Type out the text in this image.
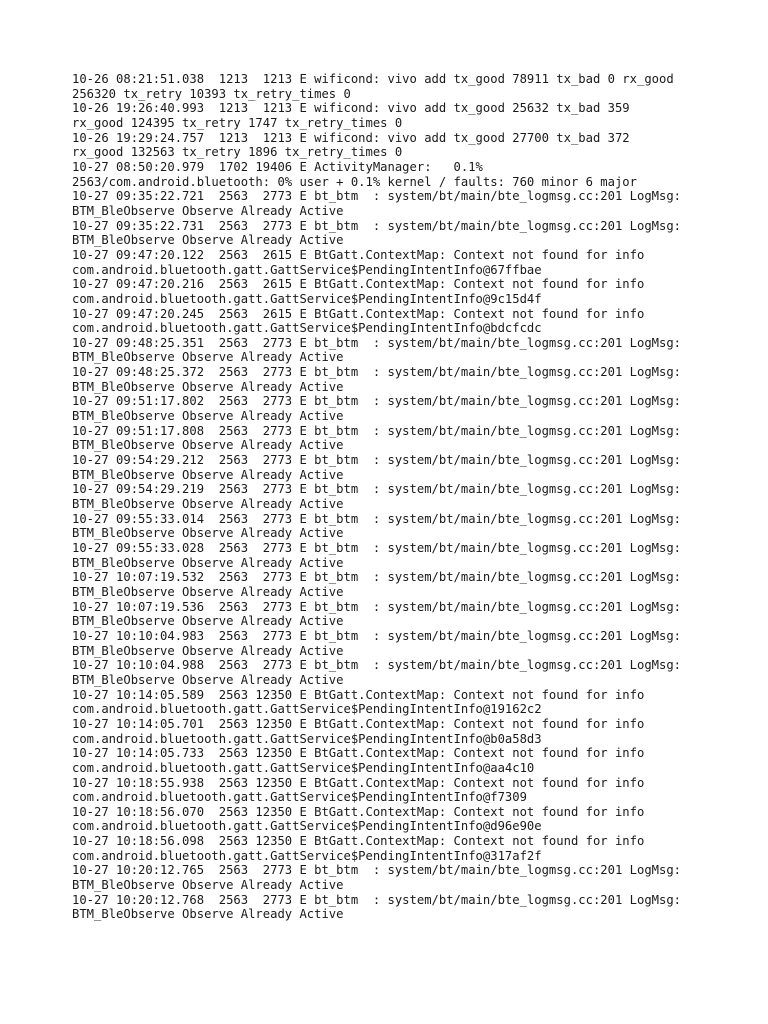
10-26 08:21:51.038  1213  1213 E wificond: vivo add tx_good 78911 tx_bad 0 rx_good

256320 tx_retry 10393 tx_retry_times 0

10-26 19:26:40.993  1213  1213 E wificond: vivo add tx_good 25632 tx_bad 359

rx_good 124395 tx_retry 1747 tx_retry_times 0

10-26 19:29:24.757  1213  1213 E wificond: vivo add tx_good 27700 tx_bad 372

rx_good 132563 tx_retry 1896 tx_retry_times 0

10-27 08:50:20.979  1702 19406 E ActivityManager:   0.1%

2563/com.android.bluetooth: 0% user + 0.1% kernel / faults: 760 minor 6 major

10-27 09:35:22.721  2563  2773 E bt_btm  : system/bt/main/bte_logmsg.cc:201 LogMsg:

BTM_BleObserve Observe Already Active

10-27 09:35:22.731  2563  2773 E bt_btm  : system/bt/main/bte_logmsg.cc:201 LogMsg:

BTM_BleObserve Observe Already Active

10-27 09:47:20.122  2563  2615 E BtGatt.ContextMap: Context not found for info

com.android.bluetooth.gatt.GattService$PendingIntentInfo@67ffbae

10-27 09:47:20.216  2563  2615 E BtGatt.ContextMap: Context not found for info

com.android.bluetooth.gatt.GattService$PendingIntentInfo@9c15d4f

10-27 09:47:20.245  2563  2615 E BtGatt.ContextMap: Context not found for info

com.android.bluetooth.gatt.GattService$PendingIntentInfo@bdcfcdc

10-27 09:48:25.351  2563  2773 E bt_btm  : system/bt/main/bte_logmsg.cc:201 LogMsg:

BTM_BleObserve Observe Already Active

10-27 09:48:25.372  2563  2773 E bt_btm  : system/bt/main/bte_logmsg.cc:201 LogMsg:

BTM_BleObserve Observe Already Active

10-27 09:51:17.802  2563  2773 E bt_btm  : system/bt/main/bte_logmsg.cc:201 LogMsg:

BTM_BleObserve Observe Already Active

10-27 09:51:17.808  2563  2773 E bt_btm  : system/bt/main/bte_logmsg.cc:201 LogMsg:

BTM_BleObserve Observe Already Active

10-27 09:54:29.212  2563  2773 E bt_btm  : system/bt/main/bte_logmsg.cc:201 LogMsg:

BTM_BleObserve Observe Already Active

10-27 09:54:29.219  2563  2773 E bt_btm  : system/bt/main/bte_logmsg.cc:201 LogMsg:

BTM_BleObserve Observe Already Active

10-27 09:55:33.014  2563  2773 E bt_btm  : system/bt/main/bte_logmsg.cc:201 LogMsg:

BTM_BleObserve Observe Already Active

10-27 09:55:33.028  2563  2773 E bt_btm  : system/bt/main/bte_logmsg.cc:201 LogMsg:

BTM_BleObserve Observe Already Active

10-27 10:07:19.532  2563  2773 E bt_btm  : system/bt/main/bte_logmsg.cc:201 LogMsg:

BTM_BleObserve Observe Already Active

10-27 10:07:19.536  2563  2773 E bt_btm  : system/bt/main/bte_logmsg.cc:201 LogMsg:

BTM_BleObserve Observe Already Active

10-27 10:10:04.983  2563  2773 E bt_btm  : system/bt/main/bte_logmsg.cc:201 LogMsg:

BTM_BleObserve Observe Already Active

10-27 10:10:04.988  2563  2773 E bt_btm  : system/bt/main/bte_logmsg.cc:201 LogMsg:

BTM_BleObserve Observe Already Active

10-27 10:14:05.589  2563 12350 E BtGatt.ContextMap: Context not found for info

com.android.bluetooth.gatt.GattService$PendingIntentInfo@19162c2

10-27 10:14:05.701  2563 12350 E BtGatt.ContextMap: Context not found for info

com.android.bluetooth.gatt.GattService$PendingIntentInfo@b0a58d3

10-27 10:14:05.733  2563 12350 E BtGatt.ContextMap: Context not found for info

com.android.bluetooth.gatt.GattService$PendingIntentInfo@aa4c10

10-27 10:18:55.938  2563 12350 E BtGatt.ContextMap: Context not found for info

com.android.bluetooth.gatt.GattService$PendingIntentInfo@f7309

10-27 10:18:56.070  2563 12350 E BtGatt.ContextMap: Context not found for info

com.android.bluetooth.gatt.GattService$PendingIntentInfo@d96e90e

10-27 10:18:56.098  2563 12350 E BtGatt.ContextMap: Context not found for info

com.android.bluetooth.gatt.GattService$PendingIntentInfo@317af2f

10-27 10:20:12.765  2563  2773 E bt_btm  : system/bt/main/bte_logmsg.cc:201 LogMsg:

BTM_BleObserve Observe Already Active

10-27 10:20:12.768  2563  2773 E bt_btm  : system/bt/main/bte_logmsg.cc:201 LogMsg:

BTM_BleObserve Observe Already Active
